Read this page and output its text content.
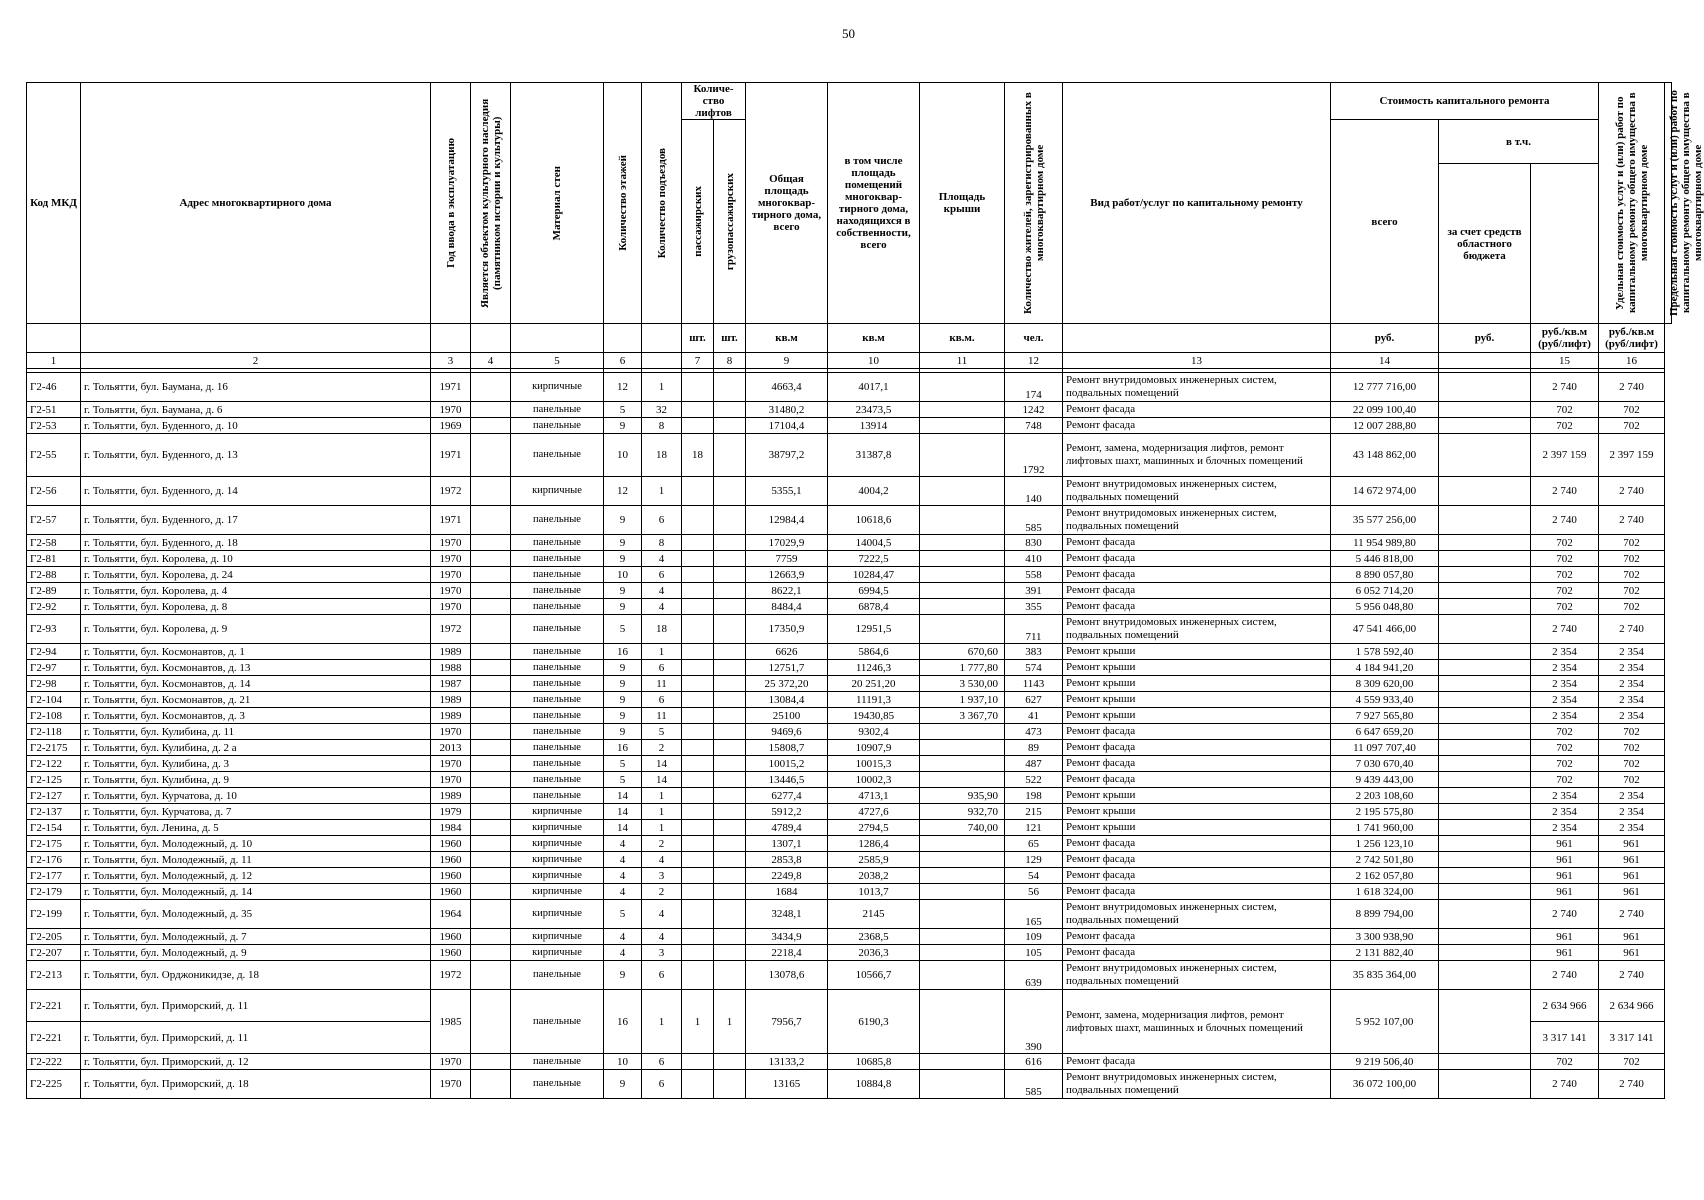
50
Код МКД	Адрес многоквартирного дома	Год ввода в эксплуатацию	Является объектом культурного наследия (памятником истории и культуры)	Материал стен	Количество этажей	Количество подъездов	Количе-ство лифтов		Общая площадь многоквар-тирного дома, всего	в том числе площадь помещений многоквар-тирного дома, находящихся в собственности, всего	Площадь крыши	Количество жителей, зарегистрированных в многоквартирном доме	Вид работ/услуг по капитальному ремонту	Стоимость капитального ремонта			Удельная стоимость услуг и (или) работ по капитальному ремонту общего имущества в многоквартирном доме	Предельная стоимость услуг и (или) работ по капитальному ремонту общего имущества в многоквартирном доме

							пассажирских	грузопассажирских						всего	в т.ч.			
															за счет средств областного бюджета			
							шт.	шт.	кв.м	кв.м	кв.м.	чел.		руб.	руб.	руб./кв.м (руб/лифт)	руб./кв.м (руб/лифт)	
1	2	3	4	5	6		7	8	9	10	11	12	13	14		15	16	

Г2-46	г. Тольятти, бул. Баумана, д. 16	1971		кирпичные	12	1			4663,4	4017,1		174	Ремонт внутридомовых инженерных систем, подвальных помещений	12 777 716,00		2 740	2 740	
Г2-51	г. Тольятти, бул. Баумана, д. 6	1970		панельные	5	32			31480,2	23473,5		1242	Ремонт фасада	22 099 100,40		702	702	
Г2-53	г. Тольятти, бул. Буденного, д. 10	1969		панельные	9	8			17104,4	13914		748	Ремонт фасада	12 007 288,80		702	702	
Г2-55	г. Тольятти, бул. Буденного, д. 13	1971		панельные	10	18	18		38797,2	31387,8		1792	Ремонт, замена, модернизация лифтов, ремонт лифтовых шахт, машинных и блочных помещений	43 148 862,00		2 397 159	2 397 159	
Г2-56	г. Тольятти, бул. Буденного, д. 14	1972		кирпичные	12	1			5355,1	4004,2		140	Ремонт внутридомовых инженерных систем, подвальных помещений	14 672 974,00		2 740	2 740	
Г2-57	г. Тольятти, бул. Буденного, д. 17	1971		панельные	9	6			12984,4	10618,6		585	Ремонт внутридомовых инженерных систем, подвальных помещений	35 577 256,00		2 740	2 740	
Г2-58	г. Тольятти, бул. Буденного, д. 18	1970		панельные	9	8			17029,9	14004,5		830	Ремонт фасада	11 954 989,80		702	702	
Г2-81	г. Тольятти, бул. Королева, д. 10	1970		панельные	9	4			7759	7222,5		410	Ремонт фасада	5 446 818,00		702	702	
Г2-88	г. Тольятти, бул. Королева, д. 24	1970		панельные	10	6			12663,9	10284,47		558	Ремонт фасада	8 890 057,80		702	702	
Г2-89	г. Тольятти, бул. Королева, д. 4	1970		панельные	9	4			8622,1	6994,5		391	Ремонт фасада	6 052 714,20		702	702	
Г2-92	г. Тольятти, бул. Королева, д. 8	1970		панельные	9	4			8484,4	6878,4		355	Ремонт фасада	5 956 048,80		702	702	
Г2-93	г. Тольятти, бул. Королева, д. 9	1972		панельные	5	18			17350,9	12951,5		711	Ремонт внутридомовых инженерных систем, подвальных помещений	47 541 466,00		2 740	2 740	
Г2-94	г. Тольятти, бул. Космонавтов, д. 1	1989		панельные	16	1			6626	5864,6	670,60	383	Ремонт крыши	1 578 592,40		2 354	2 354	
Г2-97	г. Тольятти, бул. Космонавтов, д. 13	1988		панельные	9	6			12751,7	11246,3	1 777,80	574	Ремонт крыши	4 184 941,20		2 354	2 354	
Г2-98	г. Тольятти, бул. Космонавтов, д. 14	1987		панельные	9	11			25 372,20	20 251,20	3 530,00	1143	Ремонт крыши	8 309 620,00		2 354	2 354	
Г2-104	г. Тольятти, бул. Космонавтов, д. 21	1989		панельные	9	6			13084,4	11191,3	1 937,10	627	Ремонт крыши	4 559 933,40		2 354	2 354	
Г2-108	г. Тольятти, бул. Космонавтов, д. 3	1989		панельные	9	11			25100	19430,85	3 367,70	41	Ремонт крыши	7 927 565,80		2 354	2 354	
Г2-118	г. Тольятти, бул. Кулибина, д. 11	1970		панельные	9	5			9469,6	9302,4		473	Ремонт фасада	6 647 659,20		702	702	
Г2-2175	г. Тольятти, бул. Кулибина, д. 2 а	2013		панельные	16	2			15808,7	10907,9		89	Ремонт фасада	11 097 707,40		702	702	
Г2-122	г. Тольятти, бул. Кулибина, д. 3	1970		панельные	5	14			10015,2	10015,3		487	Ремонт фасада	7 030 670,40		702	702	
Г2-125	г. Тольятти, бул. Кулибина, д. 9	1970		панельные	5	14			13446,5	10002,3		522	Ремонт фасада	9 439 443,00		702	702	
Г2-127	г. Тольятти, бул. Курчатова, д. 10	1989		панельные	14	1			6277,4	4713,1	935,90	198	Ремонт крыши	2 203 108,60		2 354	2 354	
Г2-137	г. Тольятти, бул. Курчатова, д. 7	1979		кирпичные	14	1			5912,2	4727,6	932,70	215	Ремонт крыши	2 195 575,80		2 354	2 354	
Г2-154	г. Тольятти, бул. Ленина, д. 5	1984		кирпичные	14	1			4789,4	2794,5	740,00	121	Ремонт крыши	1 741 960,00		2 354	2 354	
Г2-175	г. Тольятти, бул. Молодежный, д. 10	1960		кирпичные	4	2			1307,1	1286,4		65	Ремонт фасада	1 256 123,10		961	961	
Г2-176	г. Тольятти, бул. Молодежный, д. 11	1960		кирпичные	4	4			2853,8	2585,9		129	Ремонт фасада	2 742 501,80		961	961	
Г2-177	г. Тольятти, бул. Молодежный, д. 12	1960		кирпичные	4	3			2249,8	2038,2		54	Ремонт фасада	2 162 057,80		961	961	
Г2-179	г. Тольятти, бул. Молодежный, д. 14	1960		кирпичные	4	2			1684	1013,7		56	Ремонт фасада	1 618 324,00		961	961	
Г2-199	г. Тольятти, бул. Молодежный, д. 35	1964		кирпичные	5	4			3248,1	2145		165	Ремонт внутридомовых инженерных систем, подвальных помещений	8 899 794,00		2 740	2 740	
Г2-205	г. Тольятти, бул. Молодежный, д. 7	1960		кирпичные	4	4			3434,9	2368,5		109	Ремонт фасада	3 300 938,90		961	961	
Г2-207	г. Тольятти, бул. Молодежный, д. 9	1960		кирпичные	4	3			2218,4	2036,3		105	Ремонт фасада	2 131 882,40		961	961	
Г2-213	г. Тольятти, бул. Орджоникидзе, д. 18	1972		панельные	9	6			13078,6	10566,7		639	Ремонт внутридомовых инженерных систем, подвальных помещений	35 835 364,00		2 740	2 740	
Г2-221	г. Тольятти, бул. Приморский, д. 11	1985		панельные	16	1	1	1	7956,7	6190,3		390	Ремонт, замена, модернизация лифтов, ремонт лифтовых шахт, машинных и блочных помещений	5 952 107,00		2 634 966	2 634 966	
Г2-221	г. Тольятти, бул. Приморский, д. 11															3 317 141	3 317 141	
Г2-222	г. Тольятти, бул. Приморский, д. 12	1970		панельные	10	6			13133,2	10685,8		616	Ремонт фасада	9 219 506,40		702	702	
Г2-225	г. Тольятти, бул. Приморский, д. 18	1970		панельные	9	6			13165	10884,8		585	Ремонт внутридомовых инженерных систем, подвальных помещений	36 072 100,00		2 740	2 740	
